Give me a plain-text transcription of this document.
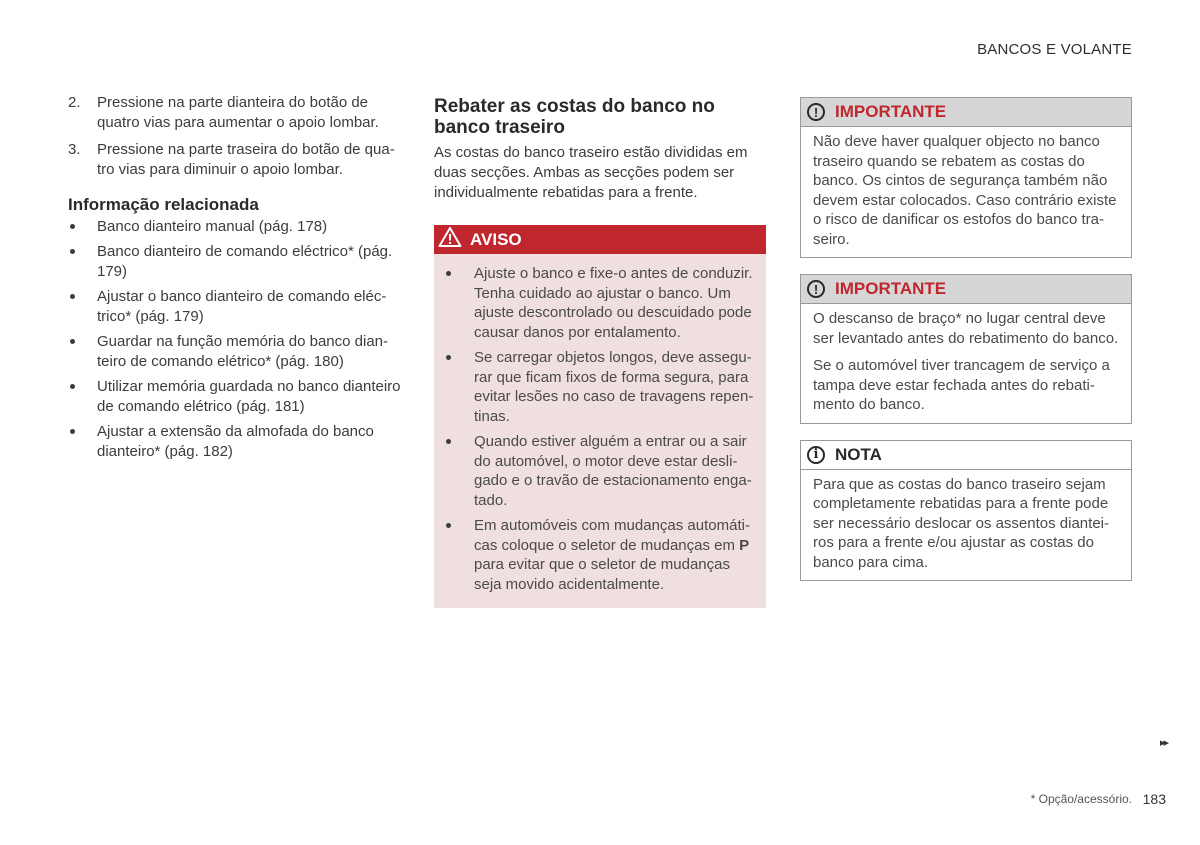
BANCOS E VOLANTE
2.	Pressione na parte dianteira do botão de quatro vias para aumentar o apoio lombar.
3.	Pressione na parte traseira do botão de qua-tro vias para diminuir o apoio lombar.
Informação relacionada
Banco dianteiro manual (pág. 178)
Banco dianteiro de comando eléctrico* (pág. 179)
Ajustar o banco dianteiro de comando eléc-trico* (pág. 179)
Guardar na função memória do banco dian-teiro de comando elétrico* (pág. 180)
Utilizar memória guardada no banco dianteiro de comando elétrico (pág. 181)
Ajustar a extensão da almofada do banco dianteiro* (pág. 182)
Rebater as costas do banco no banco traseiro

As costas do banco traseiro estão divididas em duas secções. Ambas as secções podem ser individualmente rebatidas para a frente.

AVISO
Ajuste o banco e fixe-o antes de conduzir. Tenha cuidado ao ajustar o banco. Um ajuste descontrolado ou descuidado pode causar danos por entalamento.
Se carregar objetos longos, deve assegu-rar que ficam fixos de forma segura, para evitar lesões no caso de travagens repen-tinas.
Quando estiver alguém a entrar ou a sair do automóvel, o motor deve estar desli-gado e o travão de estacionamento enga-tado.
Em automóveis com mudanças automáti-cas coloque o seletor de mudanças em P para evitar que o seletor de mudanças seja movido acidentalmente.
! IMPORTANTE

Não deve haver qualquer objecto no banco traseiro quando se rebatem as costas do banco. Os cintos de segurança também não devem estar colocados. Caso contrário existe o risco de danificar os estofos do banco tra-seiro.

! IMPORTANTE

O descanso de braço* no lugar central deve ser levantado antes do rebatimento do banco.

Se o automóvel tiver trancagem de serviço a tampa deve estar fechada antes do rebati-mento do banco.

i NOTA

Para que as costas do banco traseiro sejam completamente rebatidas para a frente pode ser necessário deslocar os assentos diantei-ros para a frente e/ou ajustar as costas do banco para cima.

▸▸
* Opção/acessório. 183
